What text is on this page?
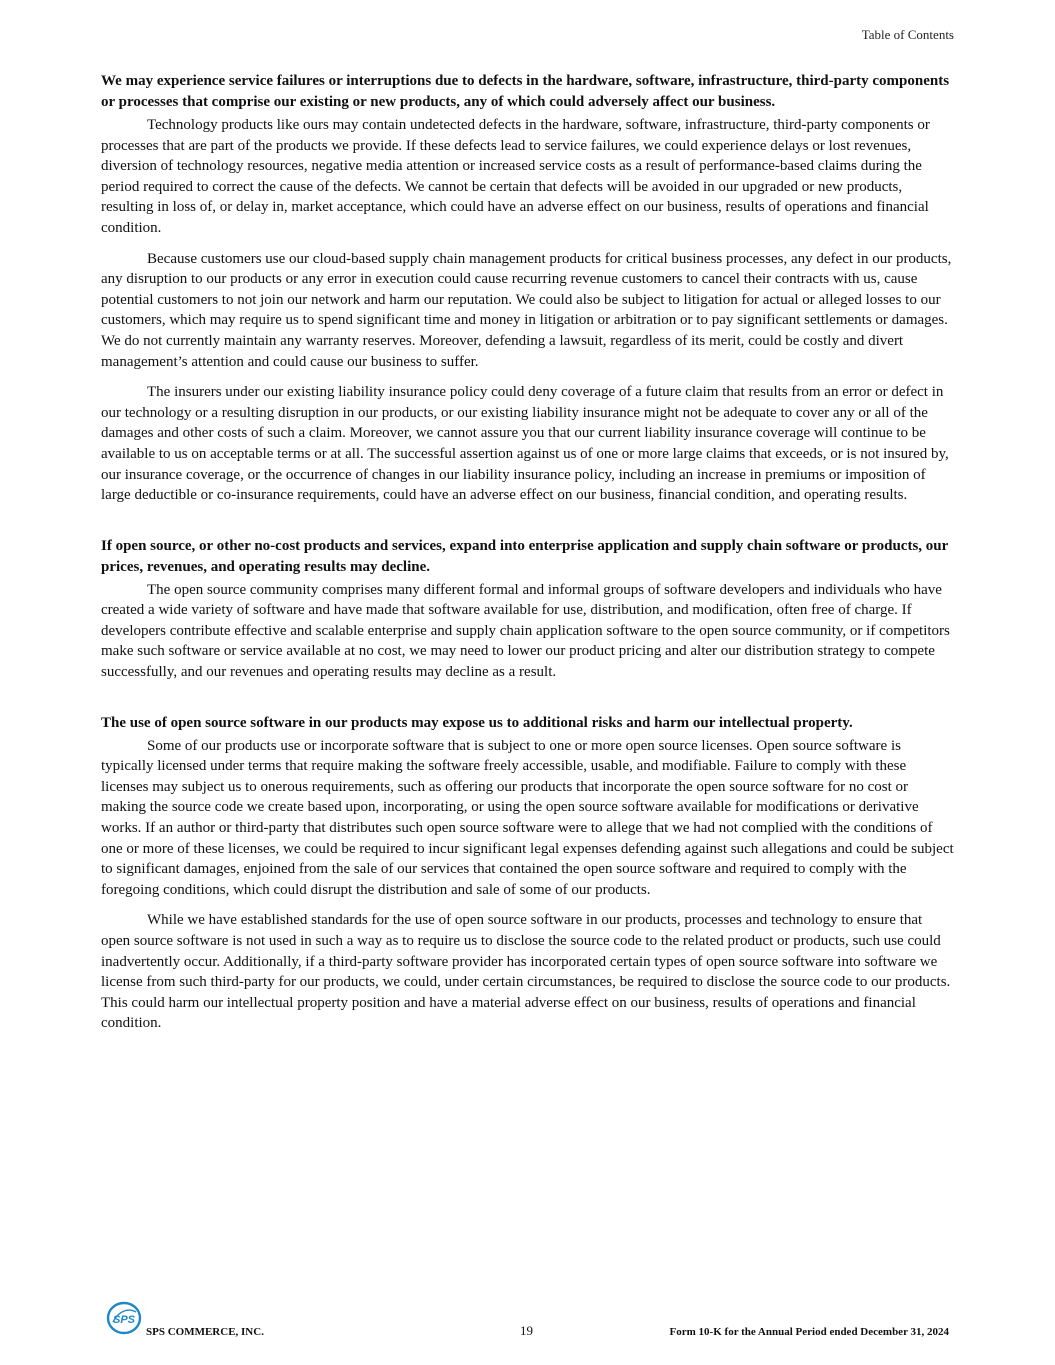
Table of Contents
We may experience service failures or interruptions due to defects in the hardware, software, infrastructure, third-party components or processes that comprise our existing or new products, any of which could adversely affect our business.

Technology products like ours may contain undetected defects in the hardware, software, infrastructure, third-party components or processes that are part of the products we provide. If these defects lead to service failures, we could experience delays or lost revenues, diversion of technology resources, negative media attention or increased service costs as a result of performance-based claims during the period required to correct the cause of the defects. We cannot be certain that defects will be avoided in our upgraded or new products, resulting in loss of, or delay in, market acceptance, which could have an adverse effect on our business, results of operations and financial condition.

Because customers use our cloud-based supply chain management products for critical business processes, any defect in our products, any disruption to our products or any error in execution could cause recurring revenue customers to cancel their contracts with us, cause potential customers to not join our network and harm our reputation. We could also be subject to litigation for actual or alleged losses to our customers, which may require us to spend significant time and money in litigation or arbitration or to pay significant settlements or damages. We do not currently maintain any warranty reserves. Moreover, defending a lawsuit, regardless of its merit, could be costly and divert management’s attention and could cause our business to suffer.

The insurers under our existing liability insurance policy could deny coverage of a future claim that results from an error or defect in our technology or a resulting disruption in our products, or our existing liability insurance might not be adequate to cover any or all of the damages and other costs of such a claim. Moreover, we cannot assure you that our current liability insurance coverage will continue to be available to us on acceptable terms or at all. The successful assertion against us of one or more large claims that exceeds, or is not insured by, our insurance coverage, or the occurrence of changes in our liability insurance policy, including an increase in premiums or imposition of large deductible or co-insurance requirements, could have an adverse effect on our business, financial condition, and operating results.

If open source, or other no-cost products and services, expand into enterprise application and supply chain software or products, our prices, revenues, and operating results may decline.

The open source community comprises many different formal and informal groups of software developers and individuals who have created a wide variety of software and have made that software available for use, distribution, and modification, often free of charge. If developers contribute effective and scalable enterprise and supply chain application software to the open source community, or if competitors make such software or service available at no cost, we may need to lower our product pricing and alter our distribution strategy to compete successfully, and our revenues and operating results may decline as a result.

The use of open source software in our products may expose us to additional risks and harm our intellectual property.

Some of our products use or incorporate software that is subject to one or more open source licenses. Open source software is typically licensed under terms that require making the software freely accessible, usable, and modifiable. Failure to comply with these licenses may subject us to onerous requirements, such as offering our products that incorporate the open source software for no cost or making the source code we create based upon, incorporating, or using the open source software available for modifications or derivative works. If an author or third-party that distributes such open source software were to allege that we had not complied with the conditions of one or more of these licenses, we could be required to incur significant legal expenses defending against such allegations and could be subject to significant damages, enjoined from the sale of our services that contained the open source software and required to comply with the foregoing conditions, which could disrupt the distribution and sale of some of our products.

While we have established standards for the use of open source software in our products, processes and technology to ensure that open source software is not used in such a way as to require us to disclose the source code to the related product or products, such use could inadvertently occur. Additionally, if a third-party software provider has incorporated certain types of open source software into software we license from such third-party for our products, we could, under certain circumstances, be required to disclose the source code to our products. This could harm our intellectual property position and have a material adverse effect on our business, results of operations and financial condition.

SPS
SPS COMMERCE, INC.	19	Form 10-K for the Annual Period ended December 31, 2024
